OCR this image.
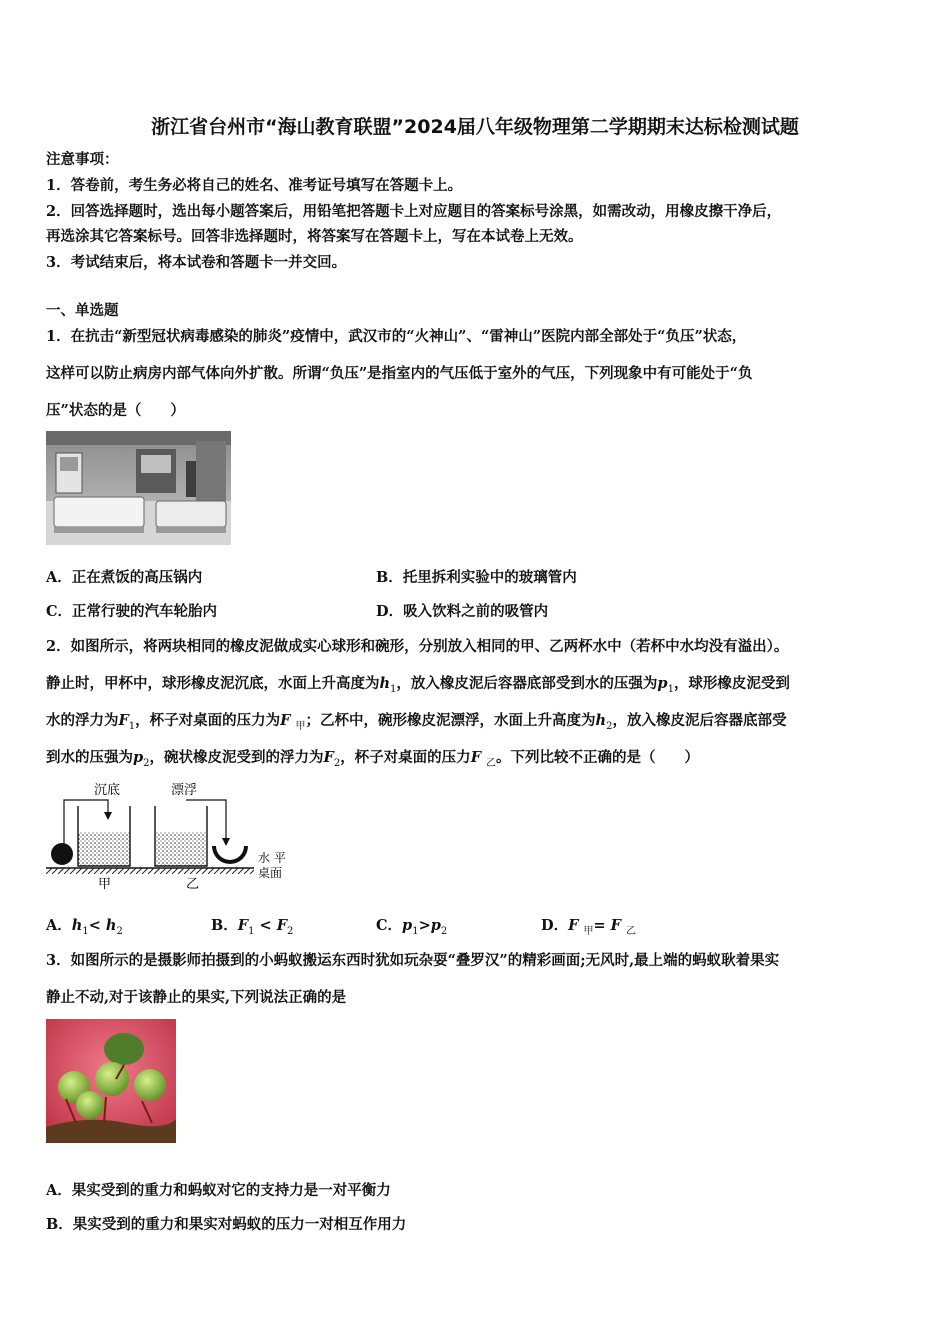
浙江省台州市“海山教育联盟”2024届八年级物理第二学期期末达标检测试题
注意事项：
1．答卷前，考生务必将自己的姓名、准考证号填写在答题卡上。
2．回答选择题时，选出每小题答案后，用铅笔把答题卡上对应题目的答案标号涂黑，如需改动，用橡皮擦干净后，
再选涂其它答案标号。回答非选择题时，将答案写在答题卡上，写在本试卷上无效。
3．考试结束后，将本试卷和答题卡一并交回。
一、单选题
1．在抗击“新型冠状病毒感染的肺炎”疫情中，武汉市的“火神山”、“雷神山”医院内部全部处于“负压”状态，
这样可以防止病房内部气体向外扩散。所谓“负压”是指室内的气压低于室外的气压，下列现象中有可能处于“负
压”状态的是（　　）
A．正在煮饭的高压锅内	B．托里拆利实验中的玻璃管内
C．正常行驶的汽车轮胎内	D．吸入饮料之前的吸管内
2．如图所示，将两块相同的橡皮泥做成实心球形和碗形，分别放入相同的甲、乙两杯水中（若杯中水均没有溢出）。
静止时，甲杯中，球形橡皮泥沉底，水面上升高度为$h_1$，放入橡皮泥后容器底部受到水的压强为$p_1$，球形橡皮泥受到
水的浮力为$F_1$，杯子对桌面的压力为F $_甲$；乙杯中，碗形橡皮泥漂浮，水面上升高度为$h_2$，放入橡皮泥后容器底部受
到水的压强为$p_2$，碗状橡皮泥受到的浮力为$F_2$，杯子对桌面的压力F $_乙$。下列比较不正确的是（　　）
沉底	漂浮
甲	乙
水 平
桌面
A．$h_1< h_2$	B．$F_1 < F_2$	C．$p_1>p_2$	D．F $_甲$= F $_乙$
3．如图所示的是摄影师拍摄到的小蚂蚁搬运东西时犹如玩杂耍“叠罗汉”的精彩画面;无风时,最上端的蚂蚁耿着果实
静止不动,对于该静止的果实,下列说法正确的是
A．果实受到的重力和蚂蚁对它的支持力是一对平衡力
B．果实受到的重力和果实对蚂蚁的压力一对相互作用力
